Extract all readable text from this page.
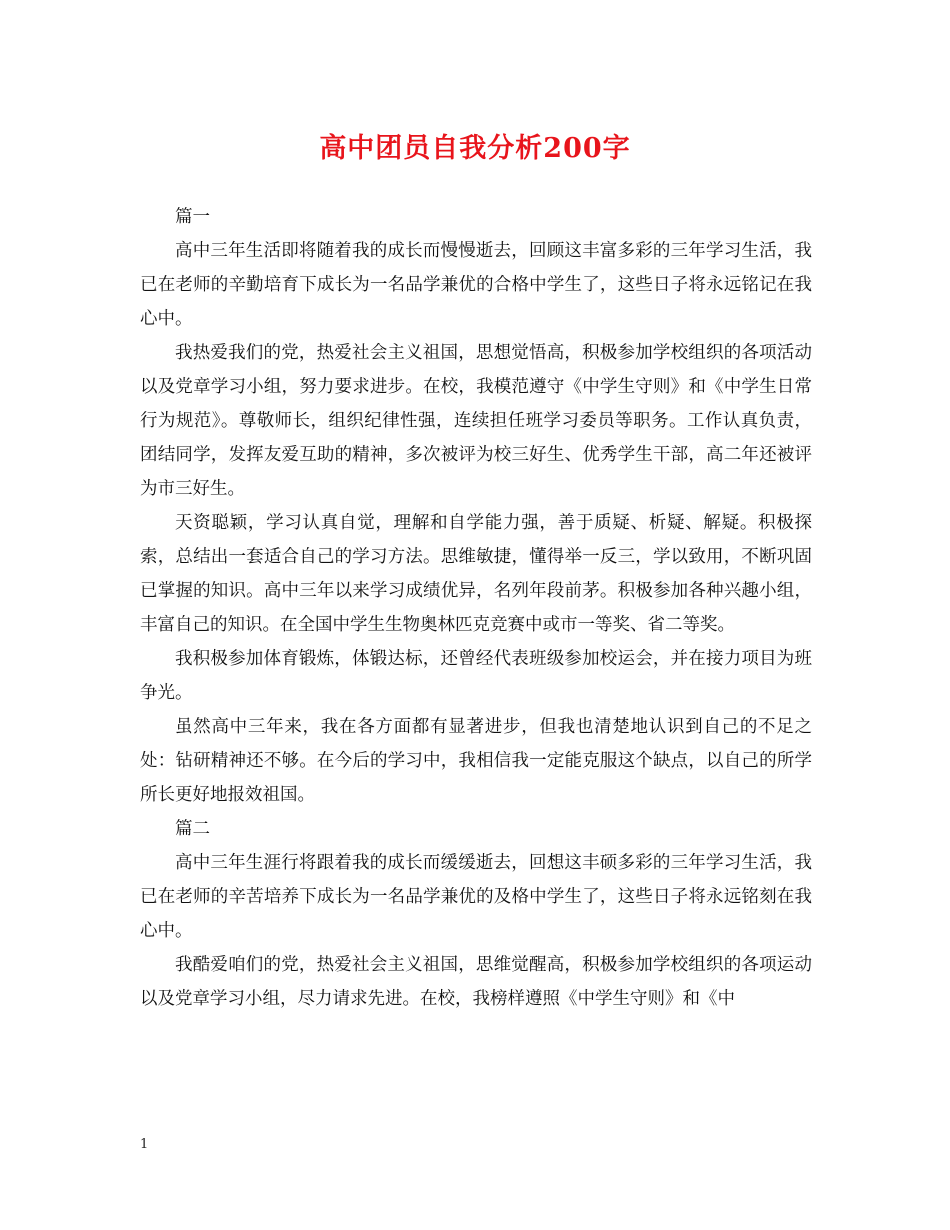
高中团员自我分析200字

篇一

高中三年生活即将随着我的成长而慢慢逝去，回顾这丰富多彩的三年学习生活，我已在老师的辛勤培育下成长为一名品学兼优的合格中学生了，这些日子将永远铭记在我心中。

我热爱我们的党，热爱社会主义祖国，思想觉悟高，积极参加学校组织的各项活动以及党章学习小组，努力要求进步。在校，我模范遵守《中学生守则》和《中学生日常行为规范》。尊敬师长，组织纪律性强，连续担任班学习委员等职务。工作认真负责，团结同学，发挥友爱互助的精神，多次被评为校三好生、优秀学生干部，高二年还被评为市三好生。

天资聪颖，学习认真自觉，理解和自学能力强，善于质疑、析疑、解疑。积极探索，总结出一套适合自己的学习方法。思维敏捷，懂得举一反三，学以致用，不断巩固已掌握的知识。高中三年以来学习成绩优异，名列年段前茅。积极参加各种兴趣小组，丰富自己的知识。在全国中学生生物奥林匹克竞赛中或市一等奖、省二等奖。

我积极参加体育锻炼，体锻达标，还曾经代表班级参加校运会，并在接力项目为班争光。

虽然高中三年来，我在各方面都有显著进步，但我也清楚地认识到自己的不足之处：钻研精神还不够。在今后的学习中，我相信我一定能克服这个缺点，以自己的所学所长更好地报效祖国。

篇二

高中三年生涯行将跟着我的成长而缓缓逝去，回想这丰硕多彩的三年学习生活，我已在老师的辛苦培养下成长为一名品学兼优的及格中学生了，这些日子将永远铭刻在我心中。

我酷爱咱们的党，热爱社会主义祖国，思维觉醒高，积极参加学校组织的各项运动以及党章学习小组，尽力请求先进。在校，我榜样遵照《中学生守则》和《中

1
